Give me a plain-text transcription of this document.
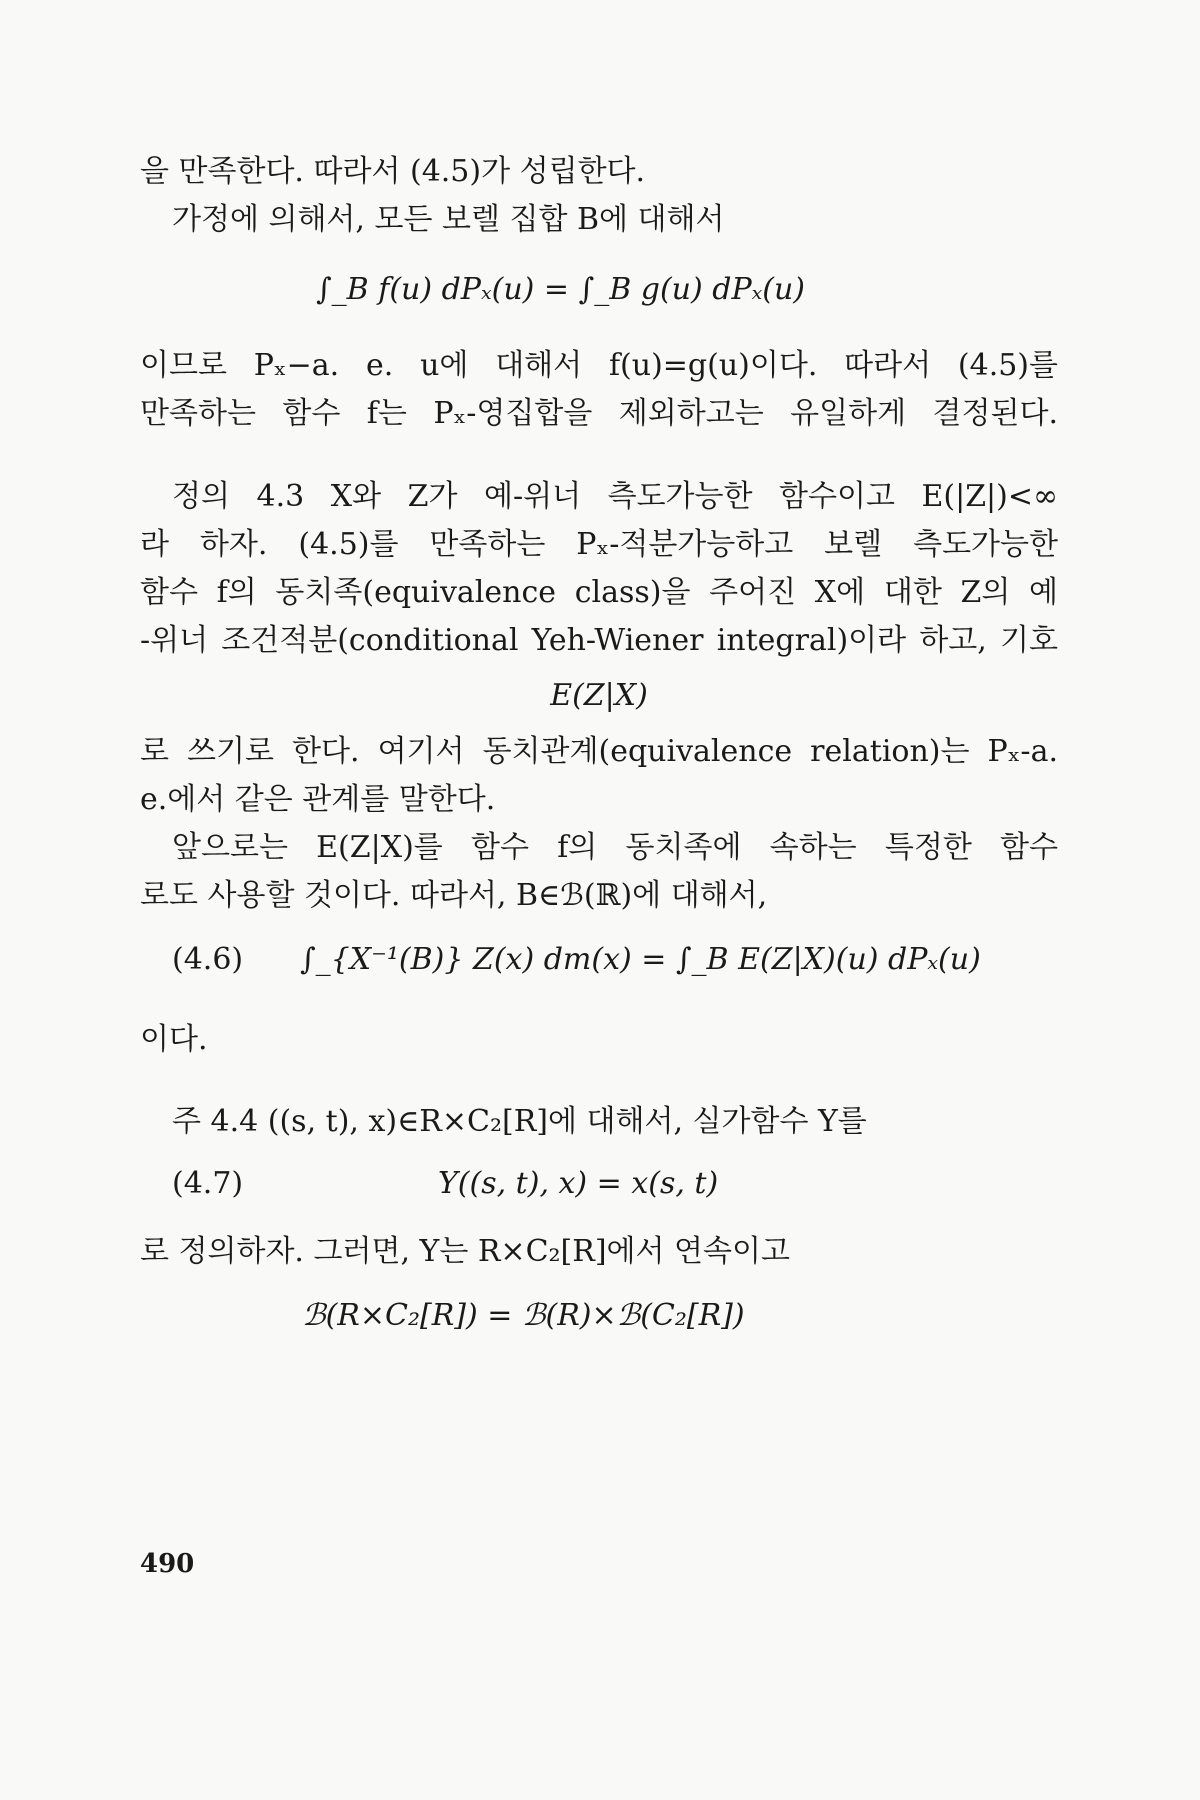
을 만족한다. 따라서 (4.5)가 성립한다.
가정에 의해서, 모든 보렐 집합 B에 대해서
∫_B f(u) dPₓ(u) = ∫_B g(u) dPₓ(u)
이므로 Pₓ−a. e. u에 대해서 f(u)=g(u)이다. 따라서 (4.5)를
만족하는 함수 f는 Pₓ-영집합을 제외하고는 유일하게 결정된다.
정의 4.3 X와 Z가 예-위너 측도가능한 함수이고 E(|Z|)<∞
라 하자. (4.5)를 만족하는 Pₓ-적분가능하고 보렐 측도가능한
함수 f의 동치족(equivalence class)을 주어진 X에 대한 Z의 예
-위너 조건적분(conditional Yeh-Wiener integral)이라 하고, 기호
E(Z|X)
로 쓰기로 한다. 여기서 동치관계(equivalence relation)는 Pₓ-a.
e.에서 같은 관계를 말한다.
앞으로는 E(Z|X)를 함수 f의 동치족에 속하는 특정한 함수
로도 사용할 것이다. 따라서, B∈ℬ(ℝ)에 대해서,
(4.6) ∫_{X⁻¹(B)} Z(x) dm(x) = ∫_B E(Z|X)(u) dPₓ(u)
이다.
주 4.4 ((s, t), x)∈R×C₂[R]에 대해서, 실가함수 Y를
(4.7)	Y((s, t), x) = x(s, t)
로 정의하자. 그러면, Y는 R×C₂[R]에서 연속이고
ℬ(R×C₂[R]) = ℬ(R)×ℬ(C₂[R])
490
